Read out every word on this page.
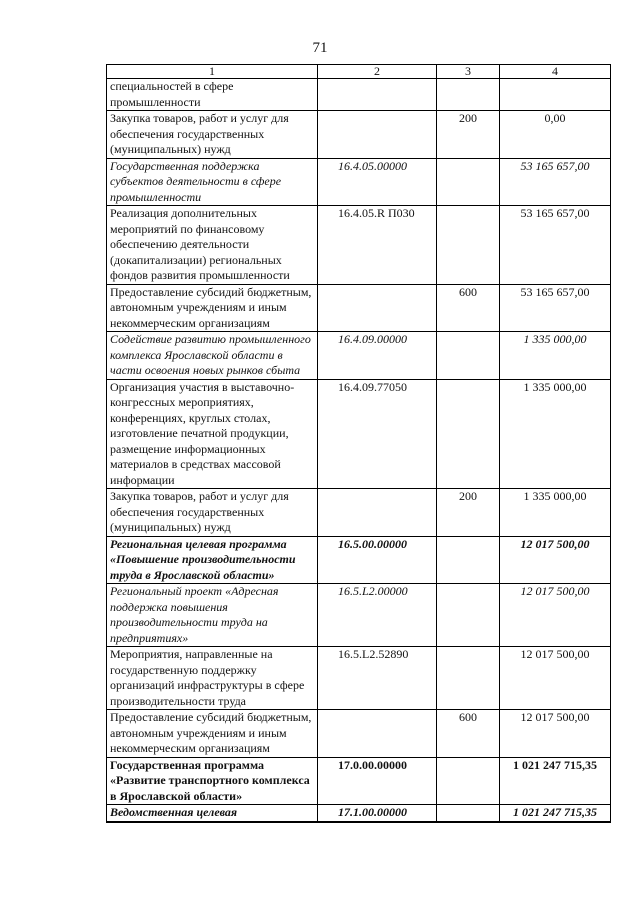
71
1	2	3	4
специальностей в сфере промышленности			
Закупка товаров, работ и услуг для обеспечения государственных (муниципальных) нужд		200	0,00
Государственная поддержка субъектов деятельности в сфере промышленности	16.4.05.00000		53 165 657,00
Реализация дополнительных мероприятий по финансовому обеспечению деятельности (докапитализации) региональных фондов развития промышленности	16.4.05.R П030		53 165 657,00
Предоставление субсидий бюджетным, автономным учреждениям и иным некоммерческим организациям		600	53 165 657,00
Содействие развитию промышленного комплекса Ярославской области в части освоения новых рынков сбыта	16.4.09.00000		1 335 000,00
Организация участия в выставочно-конгрессных мероприятиях, конференциях, круглых столах, изготовление печатной продукции, размещение информационных материалов в средствах массовой информации	16.4.09.77050		1 335 000,00
Закупка товаров, работ и услуг для обеспечения государственных (муниципальных) нужд		200	1 335 000,00
Региональная целевая программа «Повышение производительности труда в Ярославской области»	16.5.00.00000		12 017 500,00
Региональный проект «Адресная поддержка повышения производительности труда на предприятиях»	16.5.L2.00000		12 017 500,00
Мероприятия, направленные на государственную поддержку организаций инфраструктуры в сфере производительности труда	16.5.L2.52890		12 017 500,00
Предоставление субсидий бюджетным, автономным учреждениям и иным некоммерческим организациям		600	12 017 500,00
Государственная программа «Развитие транспортного комплекса в Ярославской области»	17.0.00.00000		1 021 247 715,35
Ведомственная целевая	17.1.00.00000		1 021 247 715,35
